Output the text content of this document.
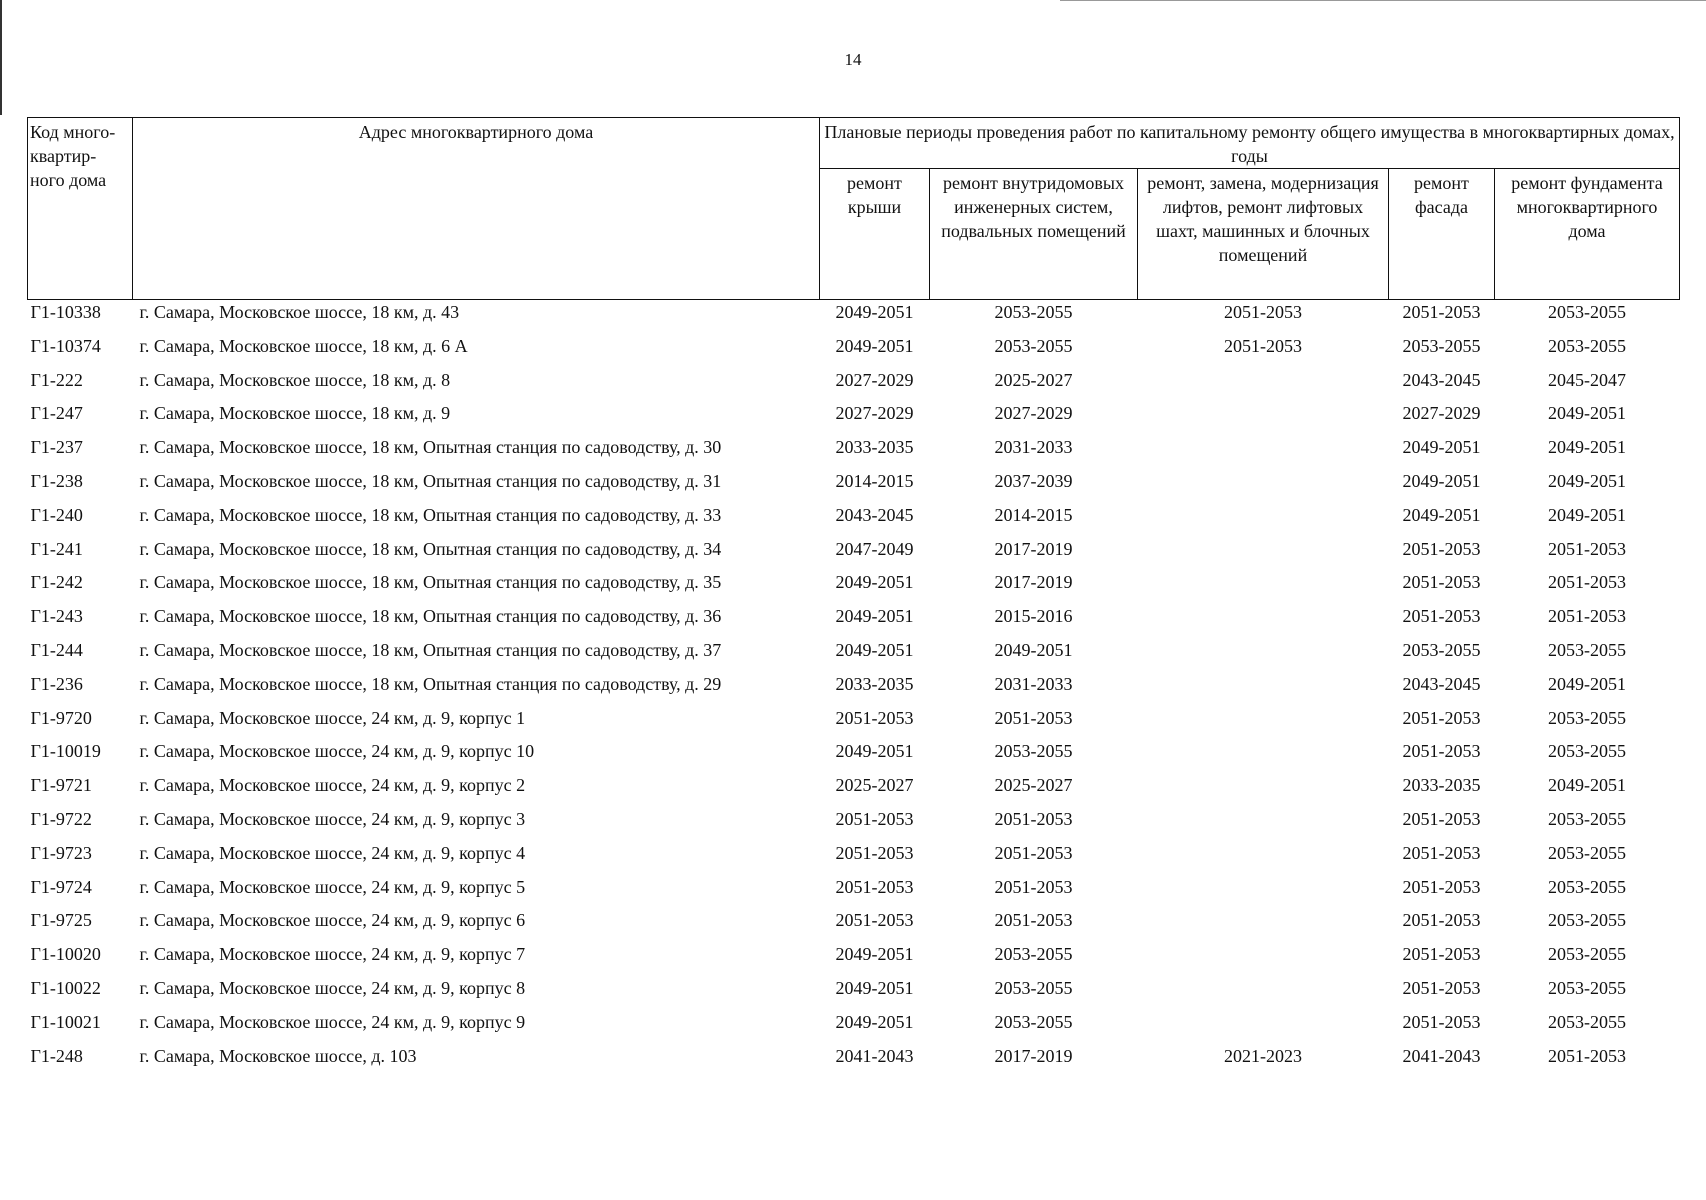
14
Код много-квартир-ного дома	Адрес многоквартирного дома	Плановые периоды проведения работ по капитальному ремонту общего имущества в многоквартирных домах, годы				
		ремонт крыши	ремонт внутридомовых инженерных систем, подвальных помещений	ремонт, замена, модернизация лифтов, ремонт лифтовых шахт, машинных и блочных помещений	ремонт фасада	ремонт фундамента многоквартирного дома
Г1-10338	г. Самара, Московское шоссе, 18 км, д. 43	2049-2051	2053-2055	2051-2053	2051-2053	2053-2055
Г1-10374	г. Самара, Московское шоссе, 18 км, д. 6 А	2049-2051	2053-2055	2051-2053	2053-2055	2053-2055
Г1-222	г. Самара, Московское шоссе, 18 км, д. 8	2027-2029	2025-2027		2043-2045	2045-2047
Г1-247	г. Самара, Московское шоссе, 18 км, д. 9	2027-2029	2027-2029		2027-2029	2049-2051
Г1-237	г. Самара, Московское шоссе, 18 км, Опытная станция по садоводству, д. 30	2033-2035	2031-2033		2049-2051	2049-2051
Г1-238	г. Самара, Московское шоссе, 18 км, Опытная станция по садоводству, д. 31	2014-2015	2037-2039		2049-2051	2049-2051
Г1-240	г. Самара, Московское шоссе, 18 км, Опытная станция по садоводству, д. 33	2043-2045	2014-2015		2049-2051	2049-2051
Г1-241	г. Самара, Московское шоссе, 18 км, Опытная станция по садоводству, д. 34	2047-2049	2017-2019		2051-2053	2051-2053
Г1-242	г. Самара, Московское шоссе, 18 км, Опытная станция по садоводству, д. 35	2049-2051	2017-2019		2051-2053	2051-2053
Г1-243	г. Самара, Московское шоссе, 18 км, Опытная станция по садоводству, д. 36	2049-2051	2015-2016		2051-2053	2051-2053
Г1-244	г. Самара, Московское шоссе, 18 км, Опытная станция по садоводству, д. 37	2049-2051	2049-2051		2053-2055	2053-2055
Г1-236	г. Самара, Московское шоссе, 18 км, Опытная станция по садоводству, д. 29	2033-2035	2031-2033		2043-2045	2049-2051
Г1-9720	г. Самара, Московское шоссе, 24 км, д. 9, корпус 1	2051-2053	2051-2053		2051-2053	2053-2055
Г1-10019	г. Самара, Московское шоссе, 24 км, д. 9, корпус 10	2049-2051	2053-2055		2051-2053	2053-2055
Г1-9721	г. Самара, Московское шоссе, 24 км, д. 9, корпус 2	2025-2027	2025-2027		2033-2035	2049-2051
Г1-9722	г. Самара, Московское шоссе, 24 км, д. 9, корпус 3	2051-2053	2051-2053		2051-2053	2053-2055
Г1-9723	г. Самара, Московское шоссе, 24 км, д. 9, корпус 4	2051-2053	2051-2053		2051-2053	2053-2055
Г1-9724	г. Самара, Московское шоссе, 24 км, д. 9, корпус 5	2051-2053	2051-2053		2051-2053	2053-2055
Г1-9725	г. Самара, Московское шоссе, 24 км, д. 9, корпус 6	2051-2053	2051-2053		2051-2053	2053-2055
Г1-10020	г. Самара, Московское шоссе, 24 км, д. 9, корпус 7	2049-2051	2053-2055		2051-2053	2053-2055
Г1-10022	г. Самара, Московское шоссе, 24 км, д. 9, корпус 8	2049-2051	2053-2055		2051-2053	2053-2055
Г1-10021	г. Самара, Московское шоссе, 24 км, д. 9, корпус 9	2049-2051	2053-2055		2051-2053	2053-2055
Г1-248	г. Самара, Московское шоссе, д. 103	2041-2043	2017-2019	2021-2023	2041-2043	2051-2053
